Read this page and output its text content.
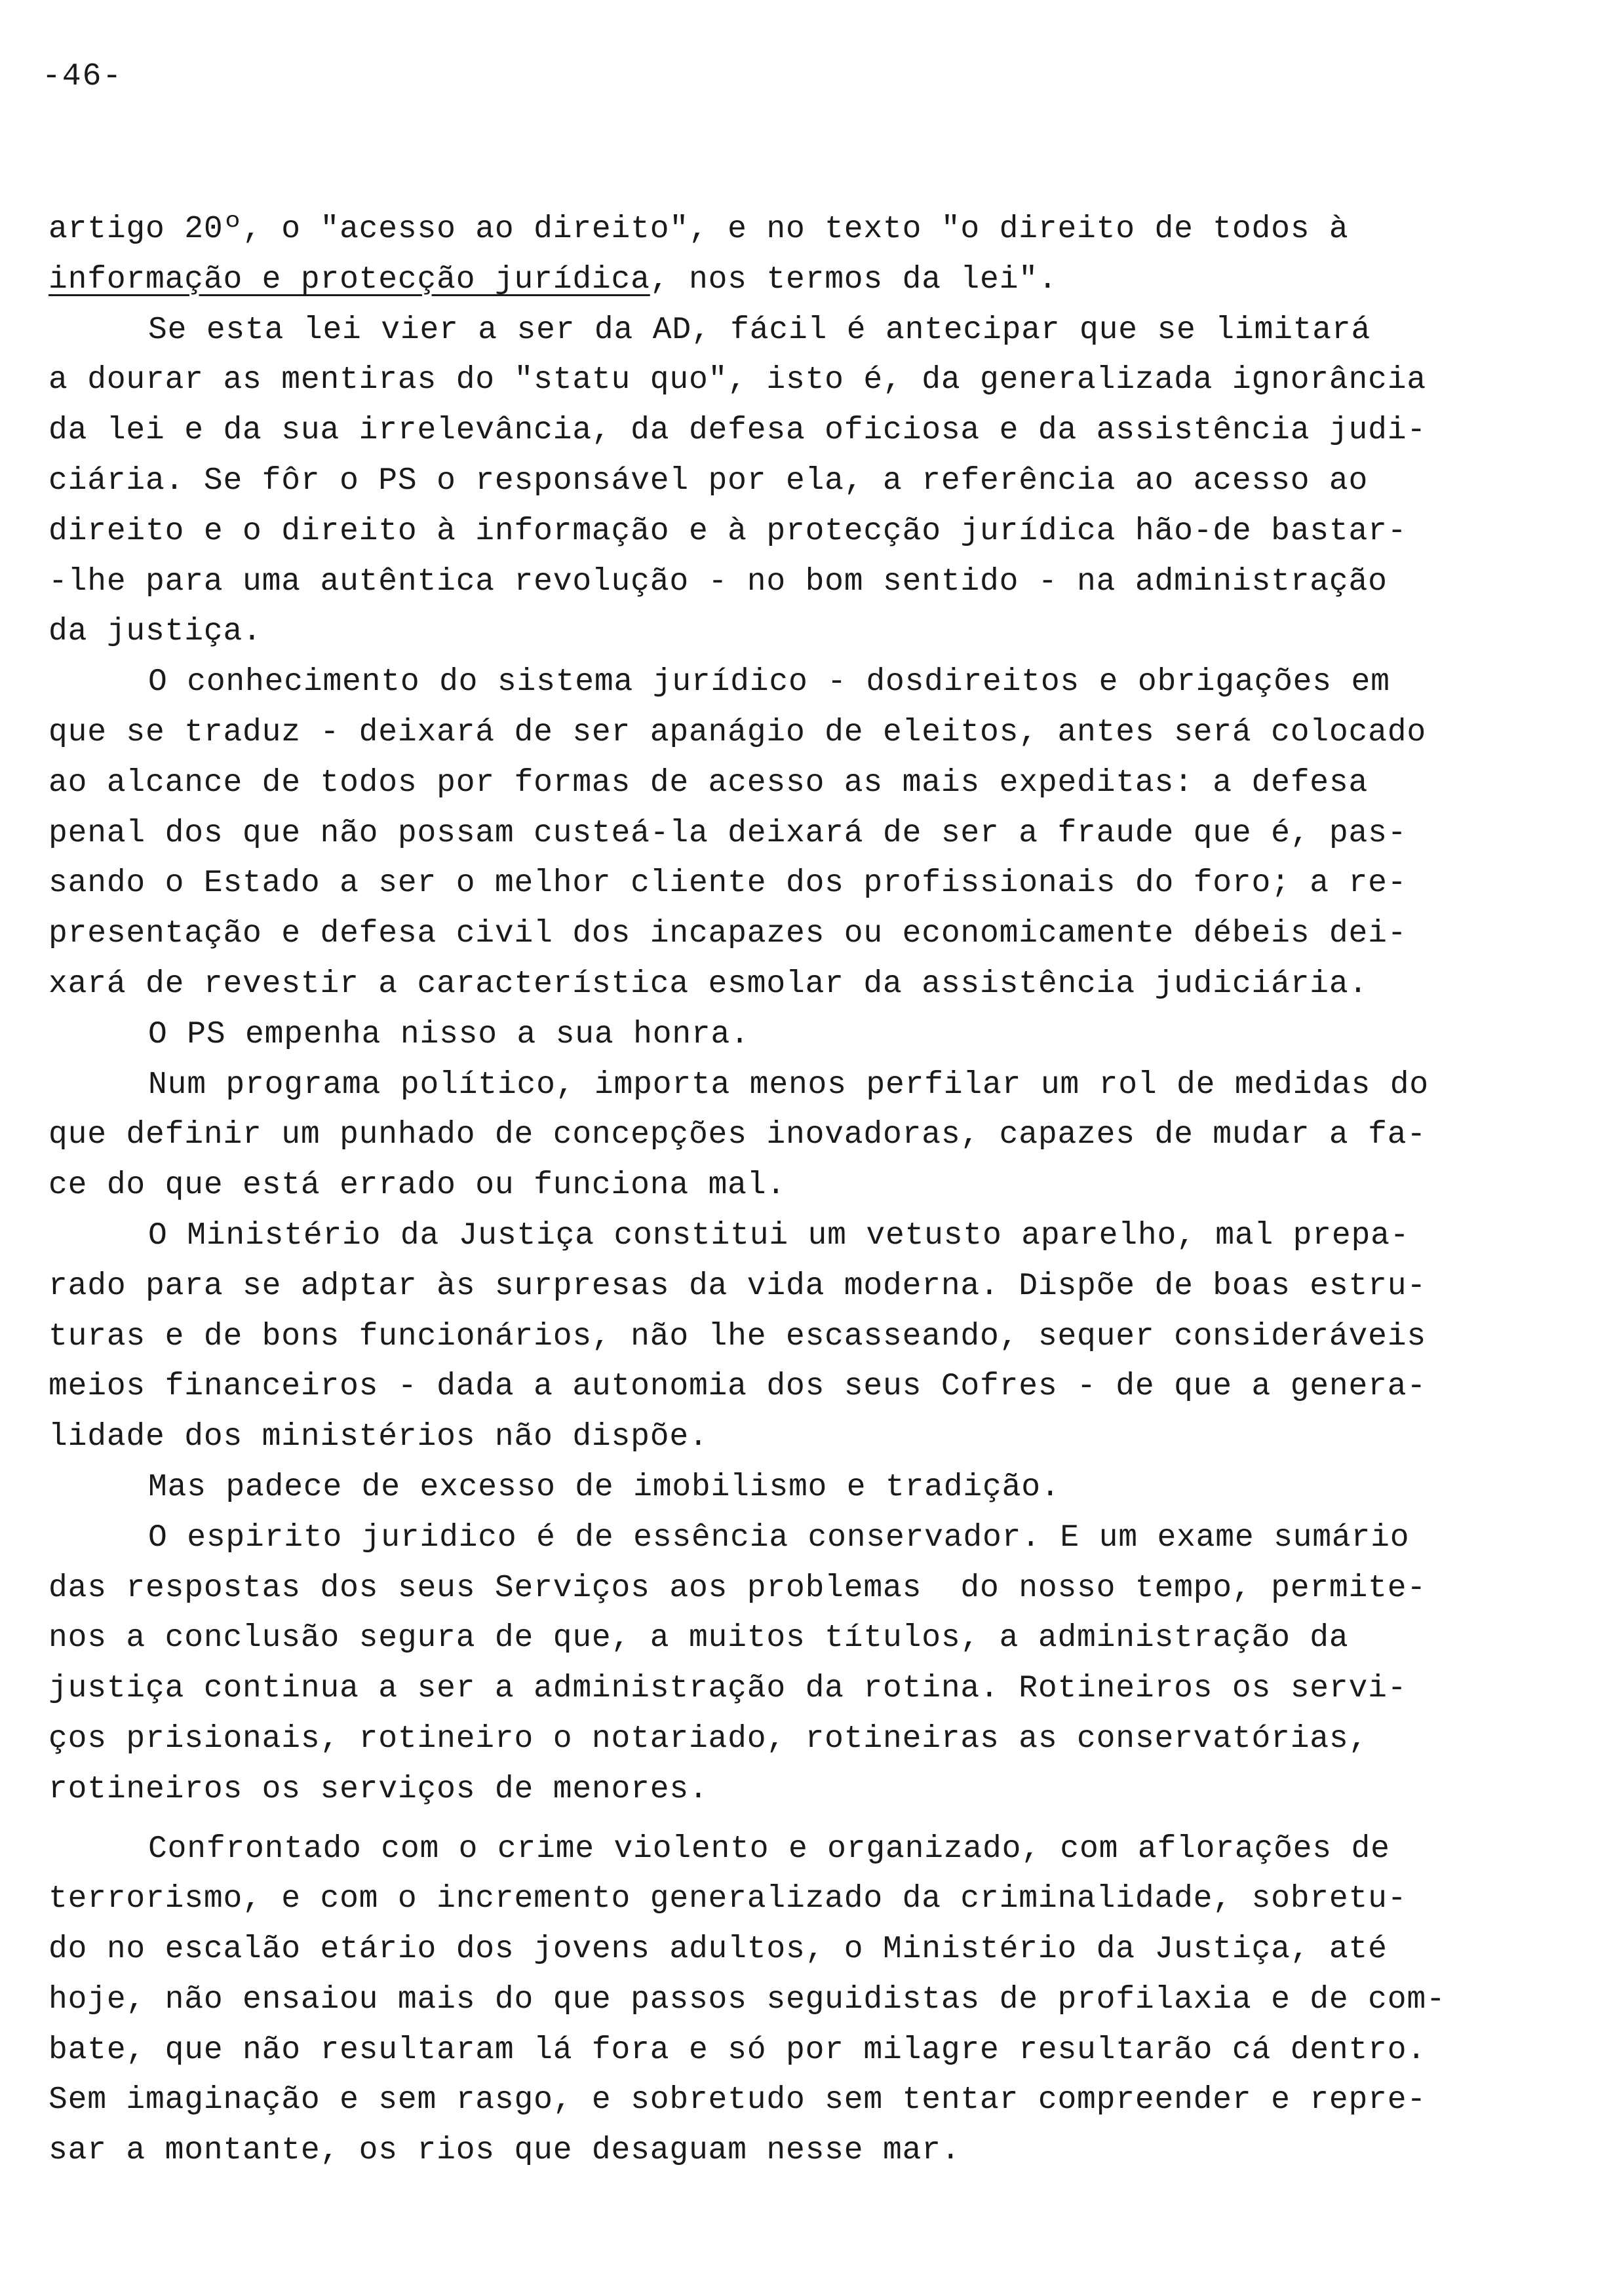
-46-
artigo 20º, o "acesso ao direito", e no texto "o direito de todos à
informação e protecção jurídica, nos termos da lei".
Se esta lei vier a ser da AD, fácil é antecipar que se limitará
a dourar as mentiras do "statu quo", isto é, da generalizada ignorância
da lei e da sua irrelevância, da defesa oficiosa e da assistência judi-
ciária. Se fôr o PS o responsável por ela, a referência ao acesso ao
direito e o direito à informação e à protecção jurídica hão-de bastar-
-lhe para uma autêntica revolução - no bom sentido - na administração
da justiça.
O conhecimento do sistema jurídico - dosdireitos e obrigações em
que se traduz - deixará de ser apanágio de eleitos, antes será colocado
ao alcance de todos por formas de acesso as mais expeditas: a defesa
penal dos que não possam custeá-la deixará de ser a fraude que é, pas-
sando o Estado a ser o melhor cliente dos profissionais do foro; a re-
presentação e defesa civil dos incapazes ou economicamente débeis dei-
xará de revestir a característica esmolar da assistência judiciária.
O PS empenha nisso a sua honra.
Num programa político, importa menos perfilar um rol de medidas do
que definir um punhado de concepções inovadoras, capazes de mudar a fa-
ce do que está errado ou funciona mal.
O Ministério da Justiça constitui um vetusto aparelho, mal prepa-
rado para se adptar às surpresas da vida moderna. Dispõe de boas estru-
turas e de bons funcionários, não lhe escasseando, sequer consideráveis
meios financeiros - dada a autonomia dos seus Cofres - de que a genera-
lidade dos ministérios não dispõe.
Mas padece de excesso de imobilismo e tradição.
O espirito juridico é de essência conservador. E um exame sumário
das respostas dos seus Serviços aos problemas  do nosso tempo, permite-
nos a conclusão segura de que, a muitos títulos, a administração da
justiça continua a ser a administração da rotina. Rotineiros os servi-
ços prisionais, rotineiro o notariado, rotineiras as conservatórias,
rotineiros os serviços de menores.
Confrontado com o crime violento e organizado, com aflorações de
terrorismo, e com o incremento generalizado da criminalidade, sobretu-
do no escalão etário dos jovens adultos, o Ministério da Justiça, até
hoje, não ensaiou mais do que passos seguidistas de profilaxia e de com-
bate, que não resultaram lá fora e só por milagre resultarão cá dentro.
Sem imaginação e sem rasgo, e sobretudo sem tentar compreender e repre-
sar a montante, os rios que desaguam nesse mar.
